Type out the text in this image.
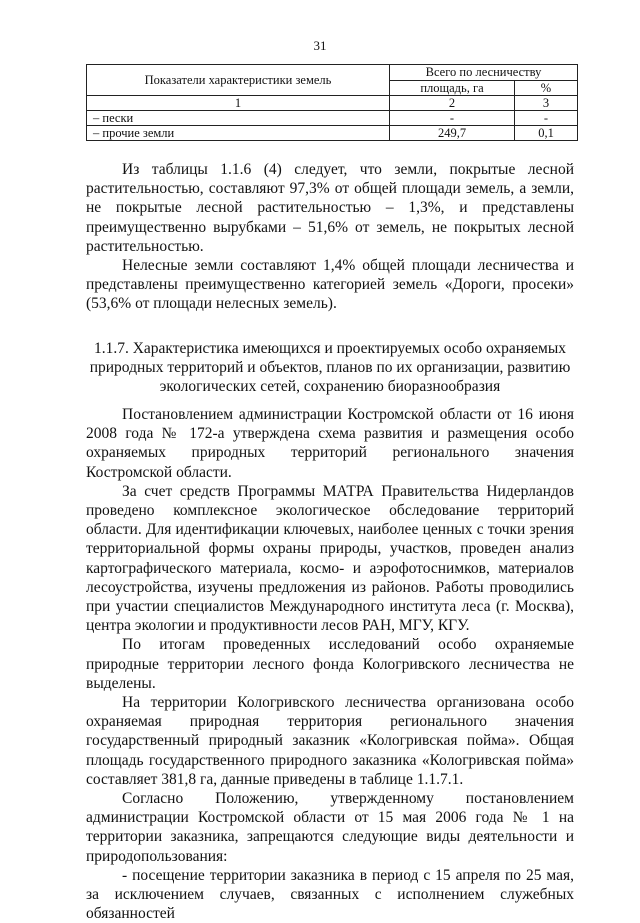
31
Показатели характеристики земель	Всего по лесничеству	
	площадь, га	%
1	2	3
– пески	-	-
– прочие земли	249,7	0,1

Из таблицы 1.1.6 (4) следует, что земли, покрытые лесной растительностью, составляют 97,3% от общей площади земель, а земли, не покрытые лесной растительностью – 1,3%, и представлены преимущественно вырубками – 51,6% от земель, не покрытых лесной растительностью.

Нелесные земли составляют 1,4% общей площади лесничества и представлены преимущественно категорией земель «Дороги, просеки» (53,6% от площади нелесных земель).

1.1.7. Характеристика имеющихся и проектируемых особо охраняемых природных территорий и объектов, планов по их организации, развитию экологических сетей, сохранению биоразнообразия

Постановлением администрации Костромской области от 16 июня 2008 года № 172-а утверждена схема развития и размещения особо охраняемых природных территорий регионального значения Костромской области.

За счет средств Программы МАТРА Правительства Нидерландов проведено комплексное экологическое обследование территорий области. Для идентификации ключевых, наиболее ценных с точки зрения территориальной формы охраны природы, участков, проведен анализ картографического материала, космо- и аэрофотоснимков, материалов лесоустройства, изучены предложения из районов. Работы проводились при участии специалистов Международного института леса (г. Москва), центра экологии и продуктивности лесов РАН, МГУ, КГУ.

По итогам проведенных исследований особо охраняемые природные территории лесного фонда Кологривского лесничества не выделены.

На территории Кологривского лесничества организована особо охраняемая природная территория регионального значения государственный природный заказник «Кологривская пойма». Общая площадь государственного природного заказника «Кологривская пойма» составляет 381,8 га, данные приведены в таблице 1.1.7.1.

Согласно Положению, утвержденному постановлением администрации Костромской области от 15 мая 2006 года № 1 на территории заказника, запрещаются следующие виды деятельности и природопользования:

- посещение территории заказника в период с 15 апреля по 25 мая, за исключением случаев, связанных с исполнением служебных обязанностей
